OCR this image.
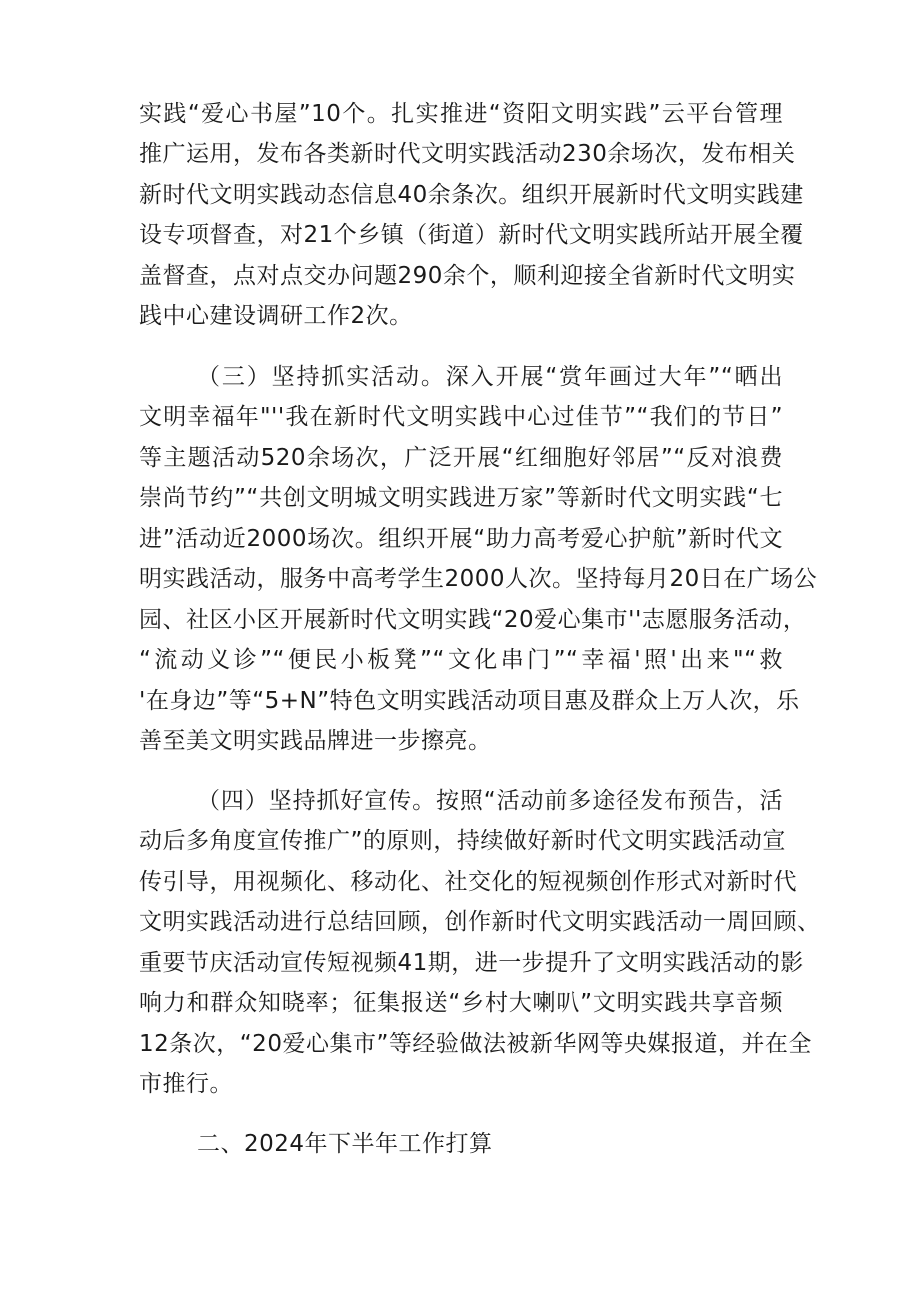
实践“爱心书屋”10个。扎实推进“资阳文明实践”云平台管理
推广运用，发布各类新时代文明实践活动230余场次，发布相关
新时代文明实践动态信息40余条次。组织开展新时代文明实践建
设专项督查，对21个乡镇（街道）新时代文明实践所站开展全覆
盖督查，点对点交办问题290余个，顺利迎接全省新时代文明实
践中心建设调研工作2次。
（三）坚持抓实活动。深入开展“赏年画过大年”“晒出
文明幸福年"''我在新时代文明实践中心过佳节”“我们的节日”
等主题活动520余场次，广泛开展“红细胞好邻居”“反对浪费
崇尚节约”“共创文明城文明实践进万家”等新时代文明实践“七
进”活动近2000场次。组织开展“助力高考爱心护航”新时代文
明实践活动，服务中高考学生2000人次。坚持每月20日在广场公
园、社区小区开展新时代文明实践“20爱心集市''志愿服务活动，
“流动义诊”“便民小板凳”“文化串门”“幸福'照'出来"“救
'在身边”等“5+N”特色文明实践活动项目惠及群众上万人次，乐
善至美文明实践品牌进一步擦亮。
（四）坚持抓好宣传。按照“活动前多途径发布预告，活
动后多角度宣传推广”的原则，持续做好新时代文明实践活动宣
传引导，用视频化、移动化、社交化的短视频创作形式对新时代
文明实践活动进行总结回顾，创作新时代文明实践活动一周回顾、
重要节庆活动宣传短视频41期，进一步提升了文明实践活动的影
响力和群众知晓率；征集报送“乡村大喇叭”文明实践共享音频
12条次，“20爱心集市”等经验做法被新华网等央媒报道，并在全
市推行。
二、2024年下半年工作打算
